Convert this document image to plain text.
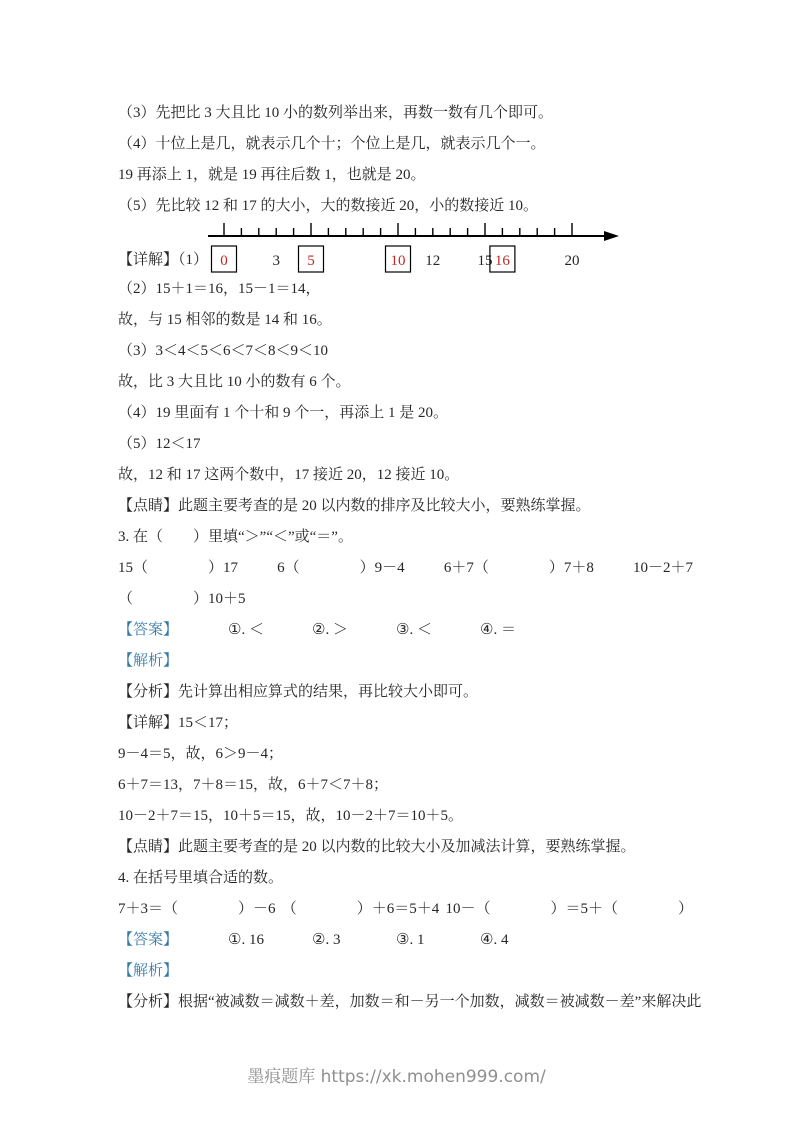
（3）先把比 3 大且比 10 小的数列举出来，再数一数有几个即可。

（4）十位上是几，就表示几个十；个位上是几，就表示几个一。

19 再添上 1，就是 19 再往后数 1，也就是 20。

（5）先比较 12 和 17 的大小，大的数接近 20，小的数接近 10。

【详解】（1） 0	3 5	10 12 15 16	20

（2）15＋1＝16，15－1＝14，

故，与 15 相邻的数是 14 和 16。

（3）3＜4＜5＜6＜7＜8＜9＜10

故，比 3 大且比 10 小的数有 6 个。

（4）19 里面有 1 个十和 9 个一，再添上 1 是 20。

（5）12＜17

故，12 和 17 这两个数中，17 接近 20，12 接近 10。

【点睛】此题主要考查的是 20 以内数的排序及比较大小，要熟练掌握。

3. 在（　　）里填“＞”“＜”或“＝”。

15（　　　　）17	6（　　　　）9－4	6＋7（　　　　）7＋8	10－2＋7

（　　　　）10＋5

【答案】	①. ＜	②. ＞	③. ＜	④. ＝

【解析】

【分析】先计算出相应算式的结果，再比较大小即可。

【详解】15＜17；

9－4＝5，故，6＞9－4；

6＋7＝13，7＋8＝15，故，6＋7＜7＋8；

10－2＋7＝15，10＋5＝15，故，10－2＋7＝10＋5。

【点睛】此题主要考查的是 20 以内数的比较大小及加减法计算，要熟练掌握。

4. 在括号里填合适的数。

7＋3＝（　　　　）－6 （　　　　）＋6＝5＋4 10－（　　　　）＝5＋（　　　　）
【答案】	①. 16	②. 3	③. 1	④. 4

【解析】

【分析】根据“被减数＝减数＋差，加数＝和－另一个加数，减数＝被减数－差”来解决此

墨痕题库 https://xk.mohen999.com/
